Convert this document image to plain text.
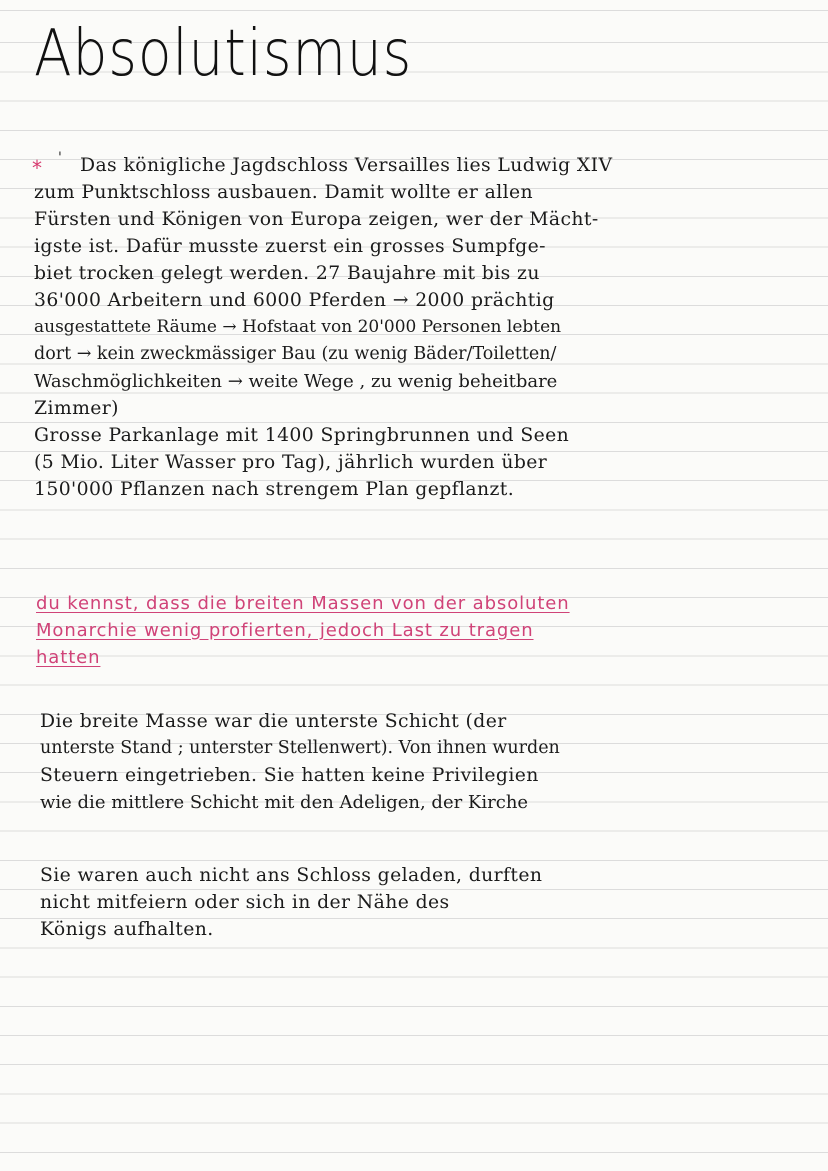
Absolutismus
* ' Das königliche Jagdschloss Versailles lies Ludwig XIV
zum Punktschloss ausbauen. Damit wollte er allen
Fürsten und Königen von Europa zeigen, wer der Mächt-
igste ist. Dafür musste zuerst ein grosses Sumpfge-
biet trocken gelegt werden. 27 Baujahre mit bis zu
36'000 Arbeitern und 6000 Pferden → 2000 prächtig
ausgestattete Räume → Hofstaat von 20'000 Personen lebten
dort → kein zweckmässiger Bau (zu wenig Bäder/Toiletten/
Waschmöglichkeiten → weite Wege , zu wenig beheitbare
Zimmer)
Grosse Parkanlage mit 1400 Springbrunnen und Seen
(5 Mio. Liter Wasser pro Tag), jährlich wurden über
150'000 Pflanzen nach strengem Plan gepflanzt.
du kennst, dass die breiten Massen von der absoluten
Monarchie wenig profierten, jedoch Last zu tragen
hatten
Die breite Masse war die unterste Schicht (der
unterste Stand ; unterster Stellenwert). Von ihnen wurden
Steuern eingetrieben. Sie hatten keine Privilegien
wie die mittlere Schicht mit den Adeligen, der Kirche
Sie waren auch nicht ans Schloss geladen, durften
nicht mitfeiern oder sich in der Nähe des
Königs aufhalten.
